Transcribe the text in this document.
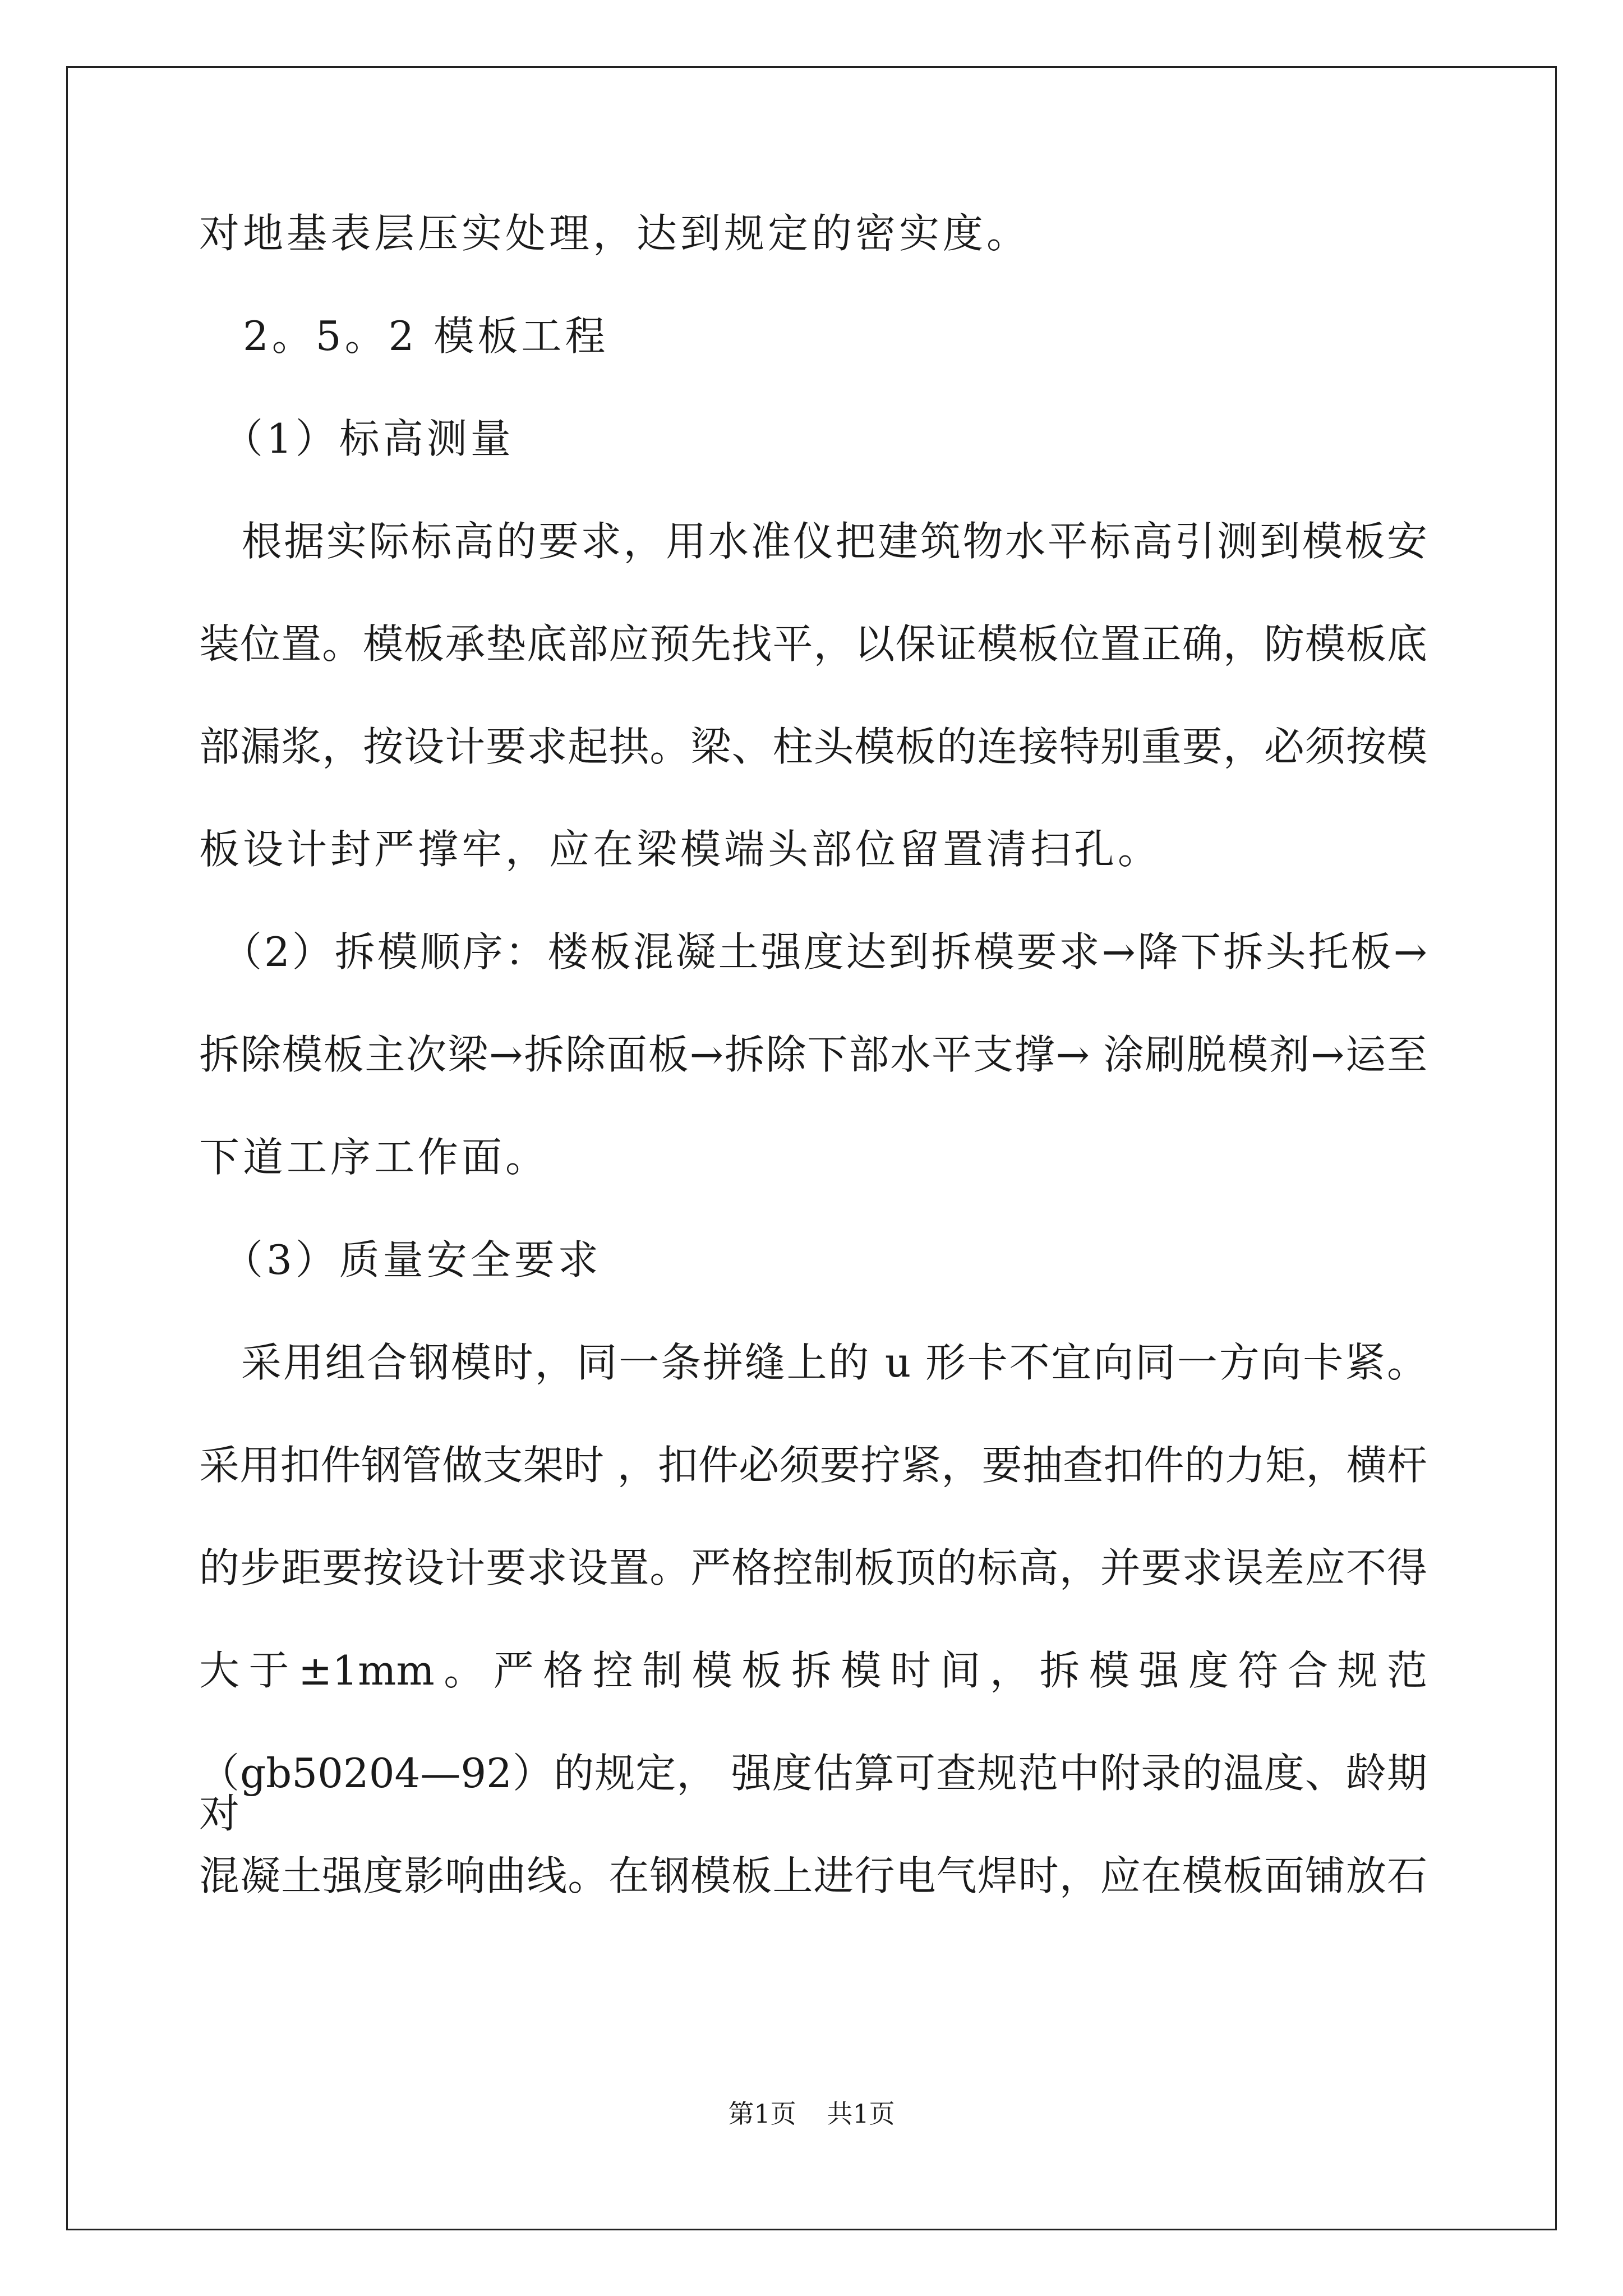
对地基表层压实处理，达到规定的密实度。
　2。5。2 模板工程
　（1）标高测量
　根据实际标高的要求，用水准仪把建筑物水平标高引测到模板安
装位置。模板承垫底部应预先找平，以保证模板位置正确，防模板底
部漏浆，按设计要求起拱。梁、柱头模板的连接特别重要，必须按模
板设计封严撑牢，应在梁模端头部位留置清扫孔。
　（2）拆模顺序：楼板混凝土强度达到拆模要求→降下拆头托板→
拆除模板主次梁→拆除面板→拆除下部水平支撑→ 涂刷脱模剂→运至
下道工序工作面。
　（3）质量安全要求
　采用组合钢模时，同一条拼缝上的 u 形卡不宜向同一方向卡紧。
采用扣件钢管做支架时 ，扣件必须要拧紧，要抽查扣件的力矩，横杆
的步距要按设计要求设置。严格控制板顶的标高，并要求误差应不得
大于±1mm。严格控制模板拆模时间，拆模强度符合规范
（gb50204—92）的规定， 强度估算可查规范中附录的温度、龄期对
混凝土强度影响曲线。在钢模板上进行电气焊时，应在模板面铺放石
第1页 共1页
